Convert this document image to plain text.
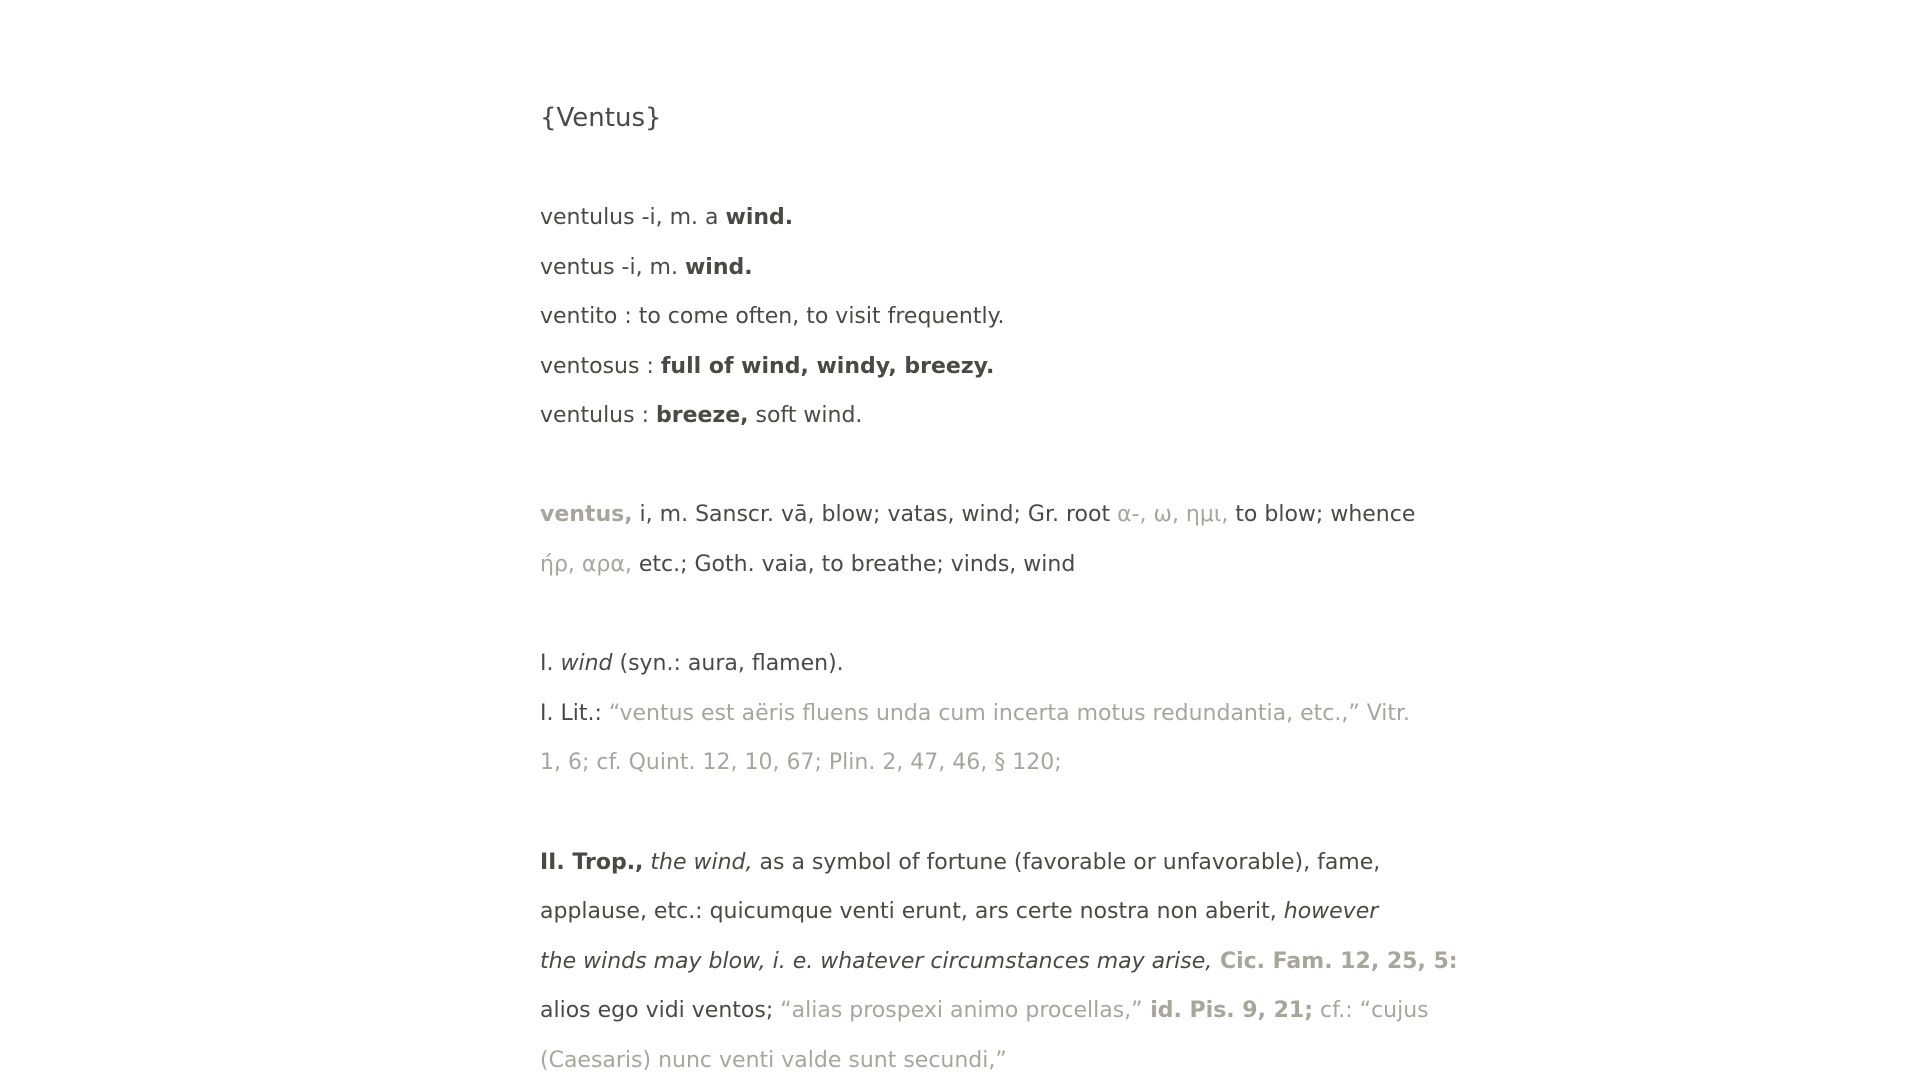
{Ventus}
ventulus -i, m. a wind.
ventus -i, m. wind.
ventito : to come often, to visit frequently.
ventosus : full of wind, windy, breezy.
ventulus : breeze, soft wind.
ventus, i, m. Sanscr. vā, blow; vatas, wind; Gr. root α-, ω, ημι, to blow; whence
ήρ, αρα, etc.; Goth. vaia, to breathe; vinds, wind
I. wind (syn.: aura, flamen).
I. Lit.: “ventus est aëris fluens unda cum incerta motus redundantia, etc.,” Vitr.
1, 6; cf. Quint. 12, 10, 67; Plin. 2, 47, 46, § 120;
II. Trop., the wind, as a symbol of fortune (favorable or unfavorable), fame,
applause, etc.: quicumque venti erunt, ars certe nostra non aberit, however
the winds may blow, i. e. whatever circumstances may arise, Cic. Fam. 12, 25, 5:
alios ego vidi ventos; “alias prospexi animo procellas,” id. Pis. 9, 21; cf.: “cujus
(Caesaris) nunc venti valde sunt secundi,”
